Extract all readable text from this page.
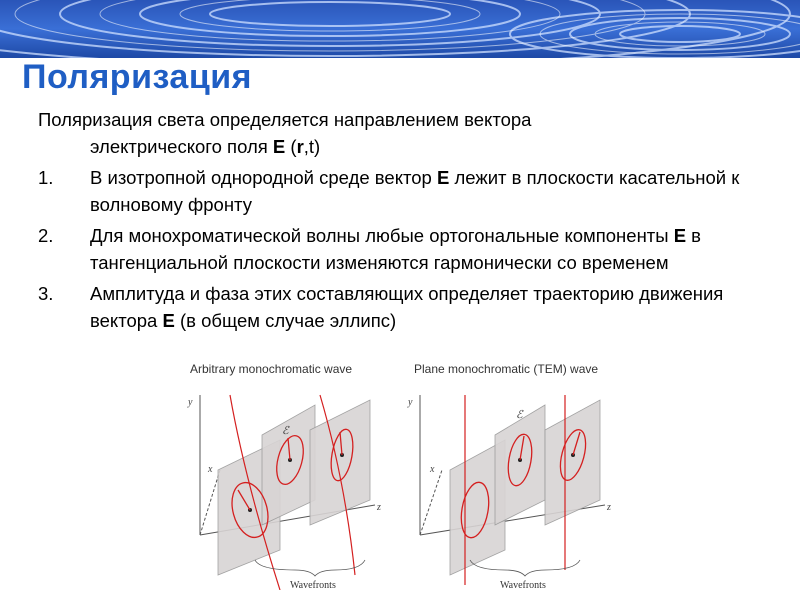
Поляризация

Поляризация света определяется направлением вектора
электрического поля E (r,t)

1. В изотропной однородной среде вектор E лежит в плоскости касательной к волновому фронту
2. Для монохроматической волны любые ортогональные компоненты E в тангенциальной плоскости изменяются гармонически со временем
3. Амплитуда и фаза этих составляющих определяет траекторию движения вектора E (в общем случае эллипс)
Arbitrary monochromatic wave	Plane monochromatic (TEM) wave
y
x
z
ℰ
Wavefronts
y
x
z
ℰ
Wavefronts
